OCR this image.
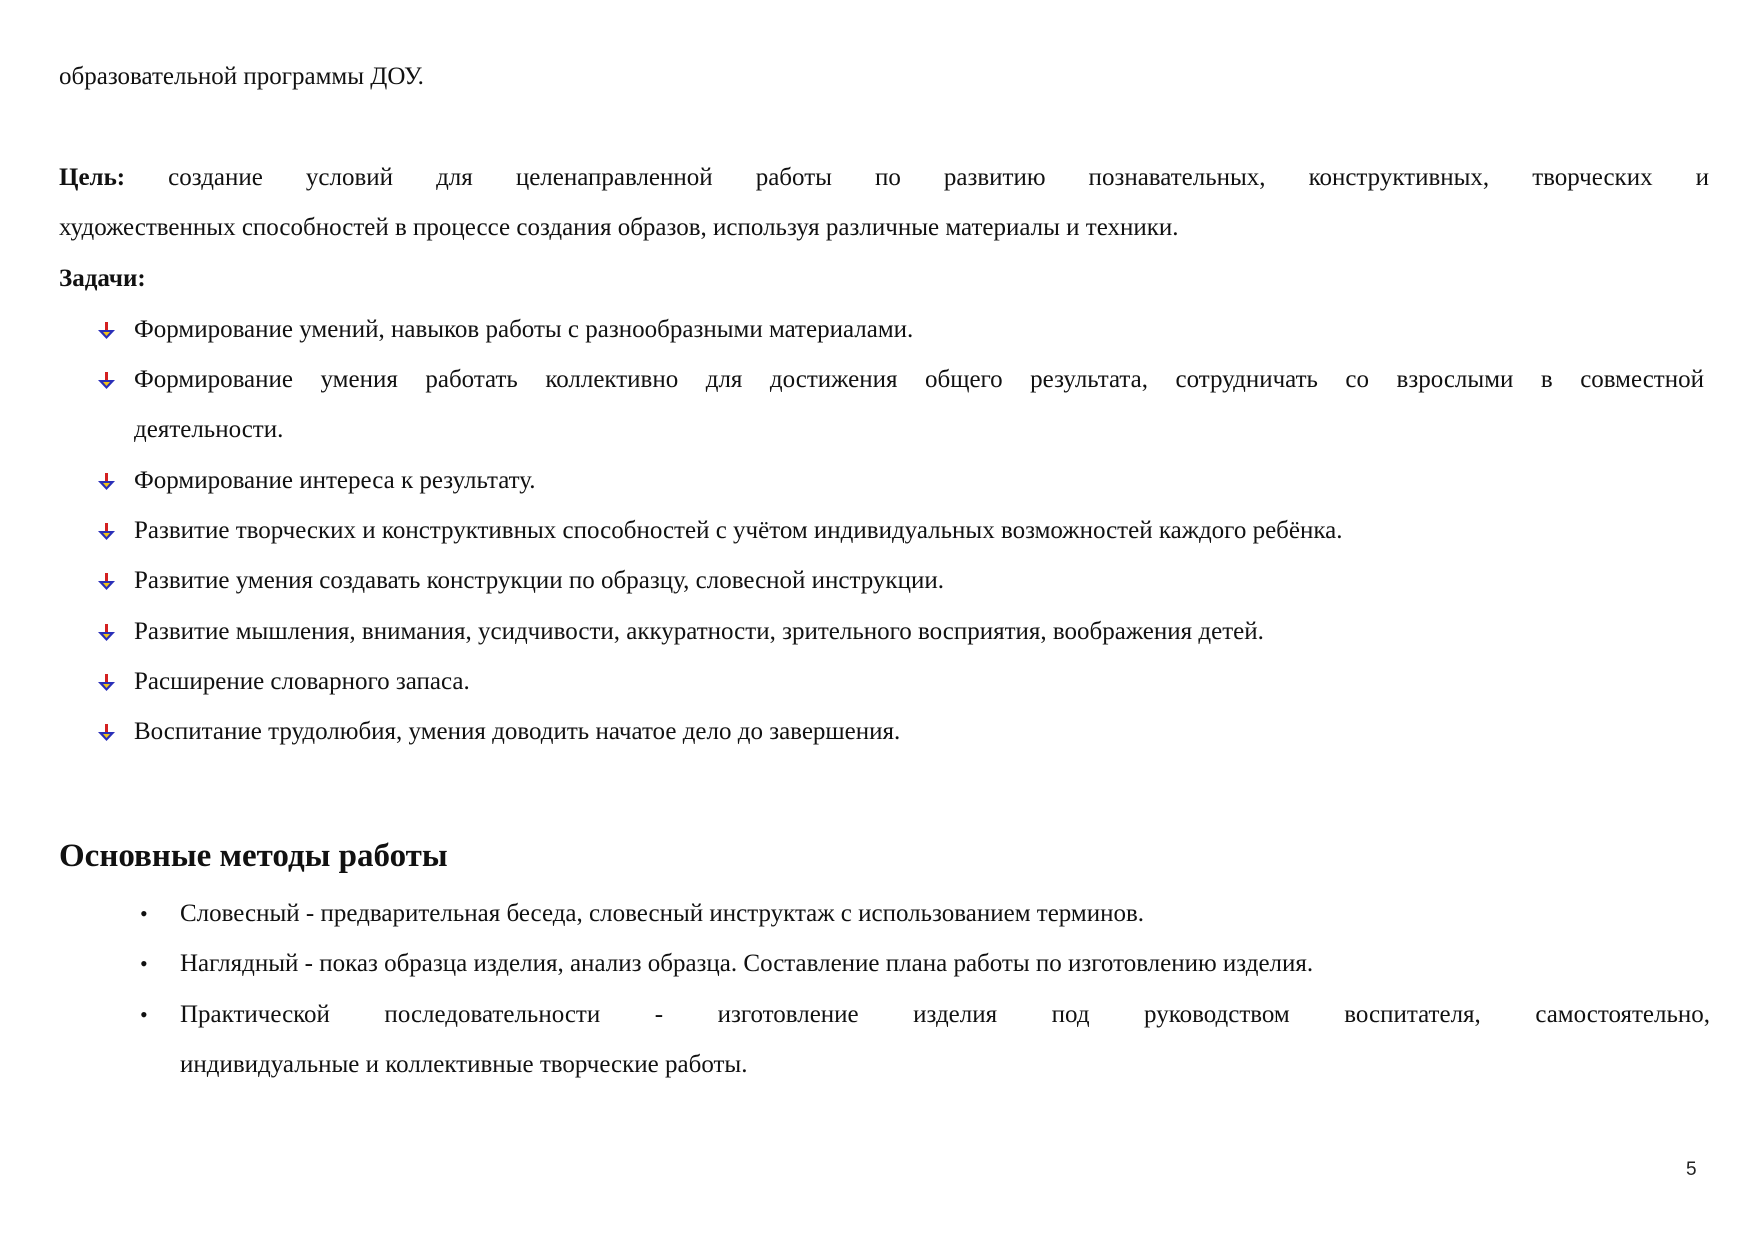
образовательной программы ДОУ.
Цель: создание условий для целенаправленной работы по развитию познавательных, конструктивных, творческих и
художественных способностей в процессе создания образов, используя различные материалы и техники.
Задачи:
Формирование умений, навыков работы с разнообразными материалами.
Формирование умения работать коллективно для достижения общего результата, сотрудничать со взрослыми в совместной
деятельности.
Формирование интереса к результату.
Развитие творческих и конструктивных способностей с учётом индивидуальных возможностей каждого ребёнка.
Развитие умения создавать конструкции по образцу, словесной инструкции.
Развитие мышления, внимания, усидчивости, аккуратности, зрительного восприятия, воображения детей.
Расширение словарного запаса.
Воспитание трудолюбия, умения доводить начатое дело до завершения.
Основные методы работы
• Словесный - предварительная беседа, словесный инструктаж с использованием терминов.
• Наглядный - показ образца изделия, анализ образца. Составление плана работы по изготовлению изделия.
• Практической последовательности - изготовление изделия под руководством воспитателя, самостоятельно,
индивидуальные и коллективные творческие работы.
5
